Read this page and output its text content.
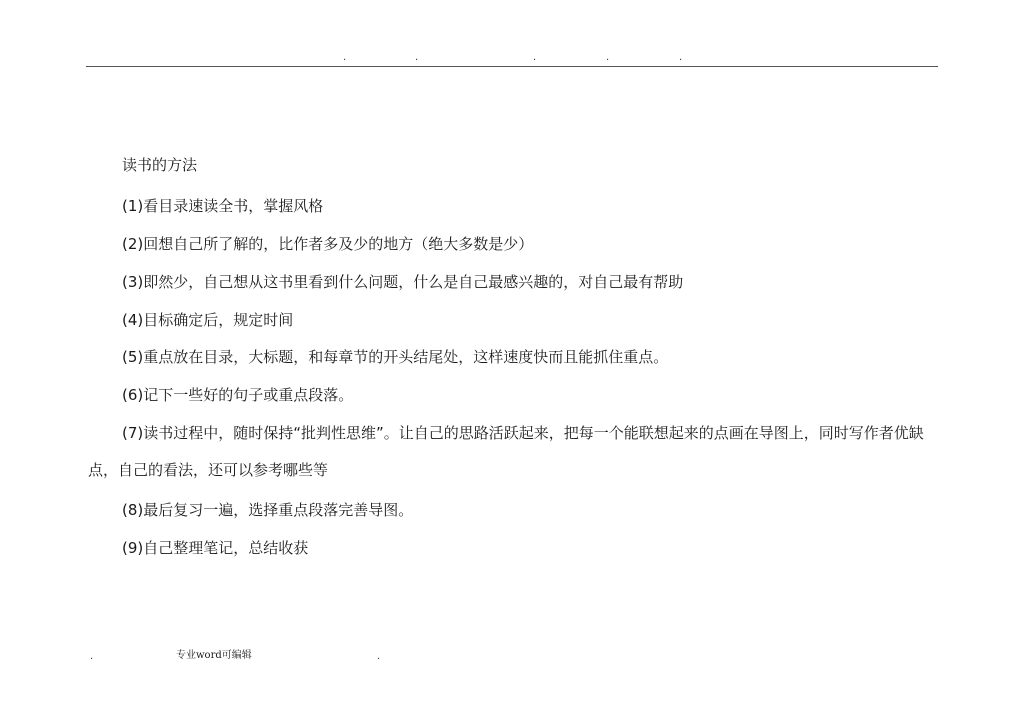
.	.	.	.	.
读书的方法
(1)看目录速读全书，掌握风格
(2)回想自己所了解的，比作者多及少的地方（绝大多数是少）
(3)即然少，自己想从这书里看到什么问题，什么是自己最感兴趣的，对自己最有帮助
(4)目标确定后，规定时间
(5)重点放在目录，大标题，和每章节的开头结尾处，这样速度快而且能抓住重点。
(6)记下一些好的句子或重点段落。
(7)读书过程中，随时保持“批判性思维”。让自己的思路活跃起来，把每一个能联想起来的点画在导图上，同时写作者优缺点，自己的看法，还可以参考哪些等
(8)最后复习一遍，选择重点段落完善导图。
(9)自己整理笔记，总结收获
.	专业word可编辑	.
